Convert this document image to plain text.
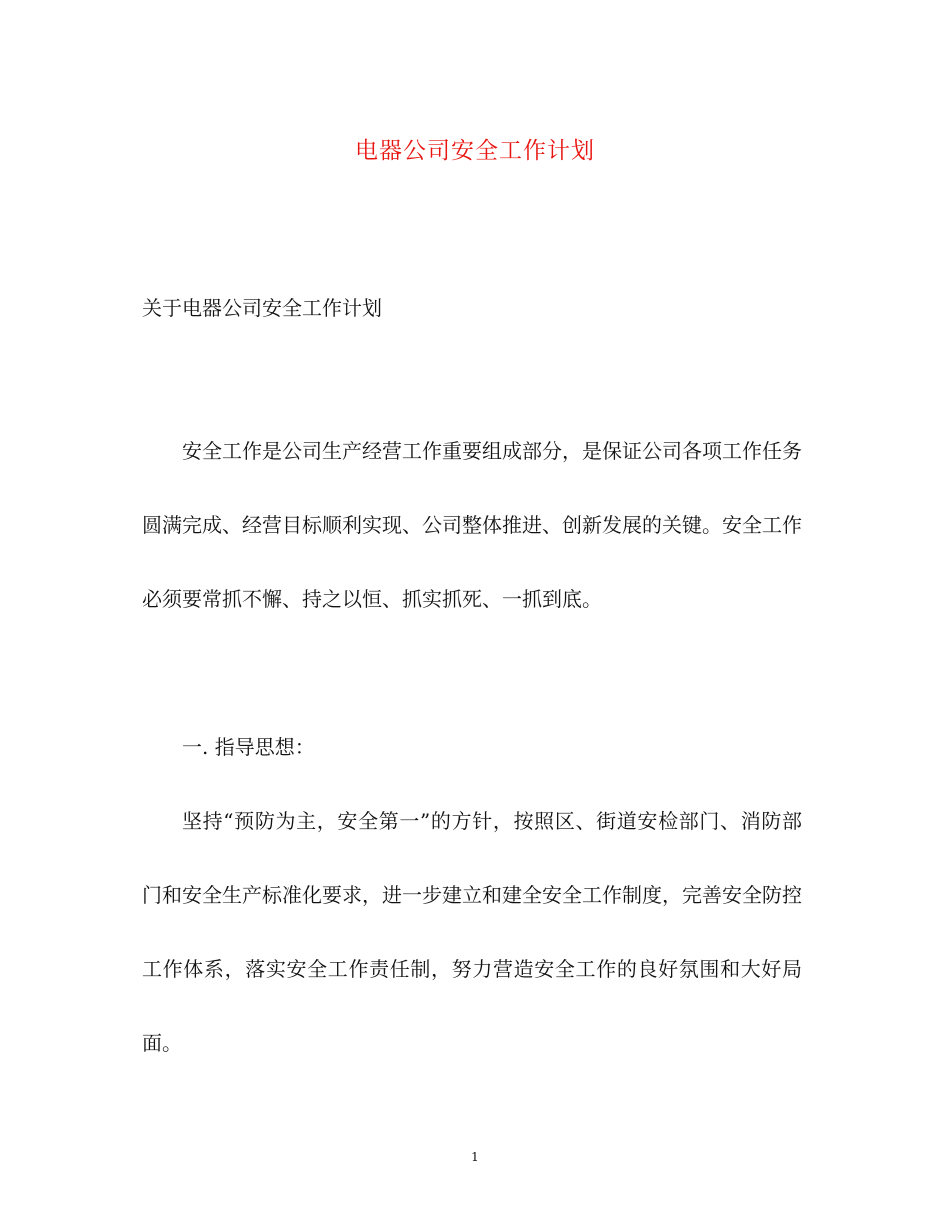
电器公司安全工作计划
关于电器公司安全工作计划

安全工作是公司生产经营工作重要组成部分，是保证公司各项工作任务圆满完成、经营目标顺利实现、公司整体推进、创新发展的关键。安全工作必须要常抓不懈、持之以恒、抓实抓死、一抓到底。

一. 指导思想：

坚持“预防为主，安全第一”的方针，按照区、街道安检部门、消防部门和安全生产标准化要求，进一步建立和建全安全工作制度，完善安全防控工作体系，落实安全工作责任制，努力营造安全工作的良好氛围和大好局面。

1
